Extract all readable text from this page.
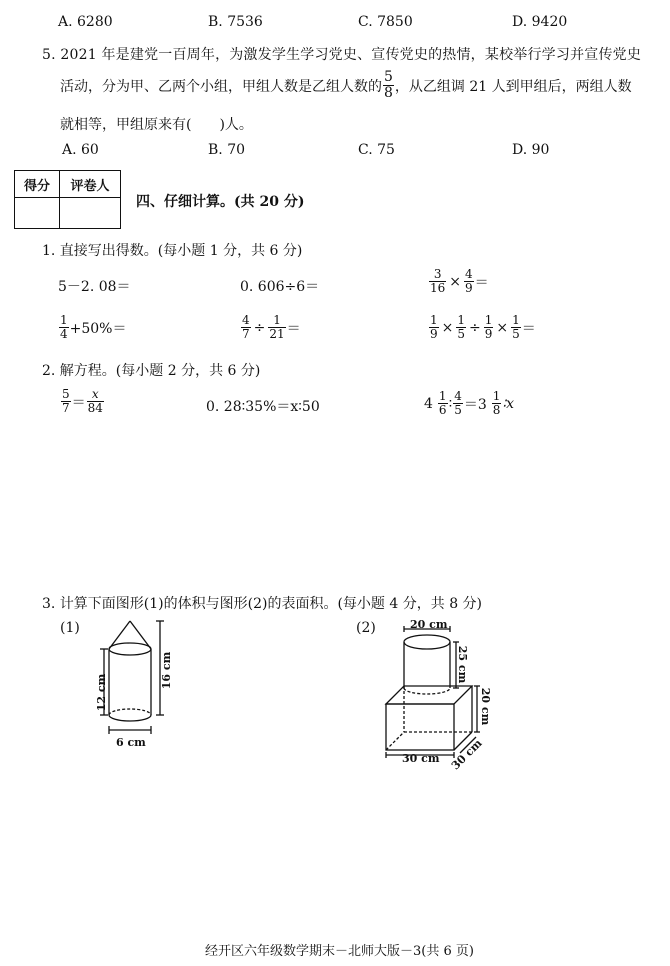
A. 6280	B. 7536	C. 7850	D. 9420
5. 2021 年是建党一百周年，为激发学生学习党史、宣传党史的热情，某校举行学习并宣传党史
活动，分为甲、乙两个小组，甲组人数是乙组人数的 $\frac{5}{8}$ ，从乙组调 21 人到甲组后，两组人数
就相等，甲组原来有(　　)人。
A. 60	B. 70	C. 75	D. 90
得分	评卷人

四、仔细计算。(共 20 分)
1. 直接写出得数。(每小题 1 分，共 6 分)
5－2. 08＝	0. 606÷6＝	$\frac{3}{16} \times \frac{4}{9}$ ＝
$\frac{1}{4} +50\%=$	$\frac{4}{7} \div \frac{1}{21}$ ＝	$\frac{1}{9} \times \frac{1}{5} \div \frac{1}{9} \times \frac{1}{5}$ ＝
2. 解方程。(每小题 2 分，共 6 分)
$\frac{5}{7} = \frac{x}{84}$	0. 28∶35%＝x∶50	$4 \frac{1}{6}$ ∶ $\frac{4}{5} =3 \frac{1}{8}$ ∶x
3. 计算下面图形(1)的体积与图形(2)的表面积。(每小题 4 分，共 8 分)
(1)
12 cm
16 cm
6 cm
(2)	20 cm
25 cm
20 cm
30 cm 30 cm
经开区六年级数学期末－北师大版－3(共 6 页)
